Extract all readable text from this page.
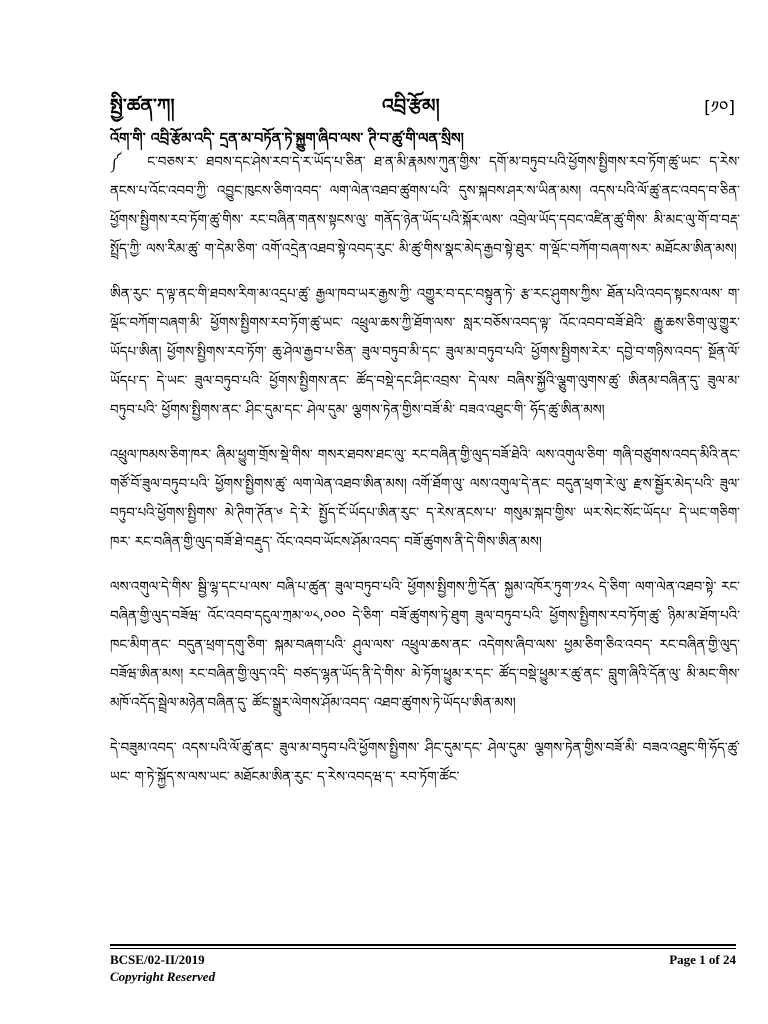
སྤྱི་ཚན་ཀ།	འབྲི་རྩོམ།	[༡༠]
འོག་གི་ འབྲི་རྩོམ་འདི་ དྲན་མ་བཏོན་ཏེ་སྐྱུག་ཞིབ་ལས་ ཊི་བ་ཚུ་གི་ལན་སྲིས།

༼ ང་བཅས་ར་ ཐབས་དང་ཤེས་རབ་དེ་ར་ཡོད་པ་ཅིན་ ཐ་ན་མི་རྣམས་ཀུན་གྱིས་ དགོ་མ་བཏུབ་པའི་ཕྱོགས་སྤྱིགས་རབ་ཏོག་ཚུ་ཡང་ ད་རེས་ནངས་པ་འོང་འབབ་ཀྱི་ འབྱུང་ཁུངས་ཅིག་འབད་ ལག་ལེན་འཐབ་ཚུགས་པའི་ དུས་སྐབས་ཤར་ས་ཡིན་མས། འདས་པའི་ལོ་ཚུ་ནང་འབད་བ་ཅིན་ ཕྱོགས་སྤྱིགས་རབ་ཏོག་ཚུ་གིས་ རང་བཞིན་གནས་སྟངས་ལུ་ གནོད་ཉེན་ཡོད་པའི་སྐོར་ལས་ འབྲེལ་ཡོད་དབང་འཛིན་ཚུ་གིས་ མི་མང་ལུ་གོ་བ་བརྡ་སྤྲོད་ཀྱི་ ལས་རིམ་ཚུ་ ག་དེམ་ཅིག་ འགོ་འདྲེན་འཐབ་སྟེ་འབད་རུང་ མི་ཚུ་གིས་སྣང་མེད་རྒྱབ་སྟེ་ཐུར་ ག་ལྡོང་བཀོག་བཞག་སར་ མཐོངམ་ཨིན་མས།

ཨིན་རུང་ ད་ལྟ་ནང་གི་ཐབས་རིག་མ་འདྲཔ་ཚུ་ རྒྱལ་ཁབ་ཡར་རྒྱས་ཀྱི་ འགྱུར་བ་དང་བསྟུན་ཏེ་ རྩ་རང་ཤུགས་ཀྱིས་ ཐོན་པའི་འབད་སྟངས་ལས་ ག་ལྡོང་བཀོག་བཞག་མི་ ཕྱོགས་སྤྱིགས་རབ་ཏོག་ཚུ་ཡང་ འཕྲུལ་ཆས་ཀྱི་ཐོག་ལས་ སླར་བཅོས་འབད་ལྟ་ འོང་འབབ་བཟོ་ཐེའི་ རྒྱུ་ཆས་ཅིག་ལུ་གྱུར་ཡོདཔ་ཨིན། ཕྱོགས་སྤྱིགས་རབ་ཏོག་ ཆུ་ཤེལ་རྒྱབ་པ་ཅིན་ ཟུལ་བཏུབ་མི་དང་ ཟུལ་མ་བཏུབ་པའི་ ཕྱོགས་སྤྱིགས་རེར་ དབྱེ་བ་གཉིས་འབད་ སྔོན་ལོ་ཡོདཔ་ད་ དེ་ཡང་ ཟུལ་བཏུབ་པའི་ ཕྱོགས་སྤྱིགས་ནང་ ཚོད་བསྡེ་དང་ཤིང་འབྲས་ དེ་ལས་ བཞིས་སྐྱོའི་ལྕུག་ལུགས་ཚུ་ ཨིནམ་བཞིན་དུ་ ཟུལ་མ་བཏུབ་པའི་ ཕྱོགས་སྤྱིགས་ནང་ ཤིང་དུམ་དང་ ཤེལ་དུམ་ ལྕགས་ཏེན་གྱིས་བཟོ་མི་ བཟའ་འཐུང་གི་ ཧོད་ཚུ་ཨིན་མས།

འཕྲུལ་ཁམས་ཅིག་ཁར་ ཞིམ་ཕྱུག་གྲོས་སྡེ་གིས་ གསར་ཐབས་ཐང་ལུ་ རང་བཞིན་གྱི་ལུད་བཟོ་ཐེའི་ ལས་འགུལ་ཅིག་ གཞི་བཙུགས་འབད་མིའི་ནང་ གཙོ་བོ་ཟུལ་བཏུབ་པའི་ ཕྱོགས་སྤྱིགས་ཚུ་ ལག་ལེན་འཐབ་ཨིན་མས། འགོ་ཐོག་ལུ་ ལས་འགུལ་དེ་ནང་ བདུན་ཕྲག་རེ་ལུ་ རྫས་སྦྱོར་མེད་པའི་ ཟུལ་བཏུབ་པའི་ཕྱོགས་སྤྱིགས་ མེ་ཊིག་ཊོན་༦ དེ་རེ་ སྤྱོད་ངོ་ཡོདཔ་ཨིན་རུང་ ད་རེས་ནངས་པ་ གསུམ་སྐབ་གྱིས་ ཡར་སེང་སོང་ཡོདཔ་ དེ་ཡང་གཅིག་ཁར་ རང་བཞིན་གྱི་ལུད་བཟོ་ཐེ་བརྡུད་ འོང་འབབ་ཡོངས་ཤོམ་འབད་ བཟོ་ཚུགས་ནི་དེ་གིས་ཨིན་མས།

ལས་འགུལ་དེ་གིས་ སྦྱི་ལྷ་དང་པ་ལས་ བཞི་པ་ཚུན་ ཟུལ་བཏུབ་པའི་ ཕྱོགས་སྤྱིགས་ཀྱི་དོན་ སྐྱམ་འཁོར་ཏུག་༡༢༨ དེ་ཅིག་ ལག་ལེན་འཐབ་སྟེ་ རང་བཞིན་གྱི་ལུད་བཟོཝ་ འོང་འབབ་དངུལ་ཀྲམ་༧༨,༠༠༠ དེ་ཅིག་ བཟོ་ཚུགས་ཏེ་ཐུག ཟུལ་བཏུབ་པའི་ ཕྱོགས་སྤྱིགས་རབ་ཏོག་ཚུ་ ཉིམ་མ་ཐོག་པའི་ཁང་མིག་ནང་ བདུན་ཕྲག་དགུ་ཅིག་ སྐམ་བཞག་པའི་ ཤུལ་ལས་ འཕྲུལ་ཆས་ནང་ འདེགས་ཞིབ་ལས་ ཕྱམ་ཅིག་ཅིའ་འབད་ རང་བཞིན་གྱི་ལུད་ བཟོཝ་ཨིན་མས། རང་བཞིན་གྱི་ལུད་འདི་ བཙད་ལྷན་ཡོད་ནི་དེ་གིས་ མེ་ཏོག་ཕྱུམ་ར་དང་ ཚོད་བསྡེ་ཕྱུམ་ར་ཚུ་ནང་ བླུག་ཞིའི་དོན་ལུ་ མི་མང་གིས་ མཁོ་འདོད་སྦྲེལ་མཉེན་བཞིན་དུ་ ཚོང་སྒྲུར་ལེགས་ཤོམ་འབད་ འཐབ་ཚུགས་ཏེ་ཡོདཔ་ཨིན་མས།

དེ་བཟུམ་འབད་ འདས་པའི་ལོ་ཚུ་ནང་ ཟུལ་མ་བཏུབ་པའི་ཕྱོགས་སྤྱིགས་ ཤིང་དུམ་དང་ ཤེལ་དུམ་ ལྕགས་ཏེན་གྱིས་བཟོ་མི་ བཟའ་འཐུང་གི་ཧོད་ཚུ་ཡང་ ག་ཏེ་སྐྱོད་ས་ལས་ཡང་ མཐོངམ་ཨིན་རུང་ ད་རེས་འབདཝ་ད་ རབ་ཏོག་ཚོང་

BCSE/02-II/2019
Copyright Reserved
Page 1 of 24
